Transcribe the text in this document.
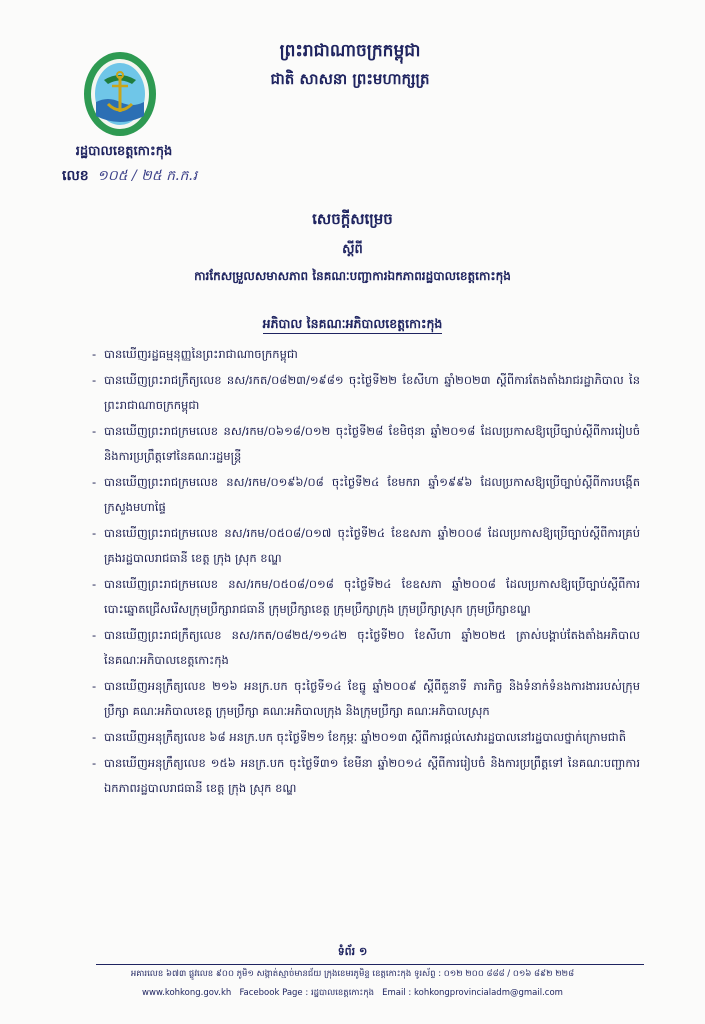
ព្រះរាជាណាចក្រកម្ពុជា
ជាតិ សាសនា ព្រះមហាក្សត្រ
រដ្ឋបាលខេត្តកោះកុង
លេខ ១០៥ / ២៥ ក.ក.រ
សេចក្តីសម្រេច
ស្តីពី
ការកែសម្រួលសមាសភាព នៃគណៈបញ្ជាការឯកភាពរដ្ឋបាលខេត្តកោះកុង
អភិបាល នៃគណៈអភិបាលខេត្តកោះកុង
- បានឃើញរដ្ឋធម្មនុញ្ញនៃព្រះរាជាណាចក្រកម្ពុជា
- បានឃើញព្រះរាជក្រឹត្យលេខ នស/រកត/០៨២៣/១៩៨១ ចុះថ្ងៃទី២២ ខែសីហា ឆ្នាំ២០២៣ ស្តីពីការតែងតាំងរាជរដ្ឋាភិបាល នៃព្រះរាជាណាចក្រកម្ពុជា
- បានឃើញព្រះរាជក្រមលេខ នស/រកម/០៦១៨/០១២ ចុះថ្ងៃទី២៨ ខែមិថុនា ឆ្នាំ២០១៨ ដែលប្រកាសឱ្យប្រើច្បាប់ស្តីពីការរៀបចំ និងការប្រព្រឹត្តទៅនៃគណៈរដ្ឋមន្ត្រី
- បានឃើញព្រះរាជក្រមលេខ នស/រកម/០១៩៦/០៨ ចុះថ្ងៃទី២៤ ខែមករា ឆ្នាំ១៩៩៦ ដែលប្រកាសឱ្យប្រើច្បាប់ស្តីពីការបង្កើតក្រសួងមហាផ្ទៃ
- បានឃើញព្រះរាជក្រមលេខ នស/រកម/០៥០៨/០១៧ ចុះថ្ងៃទី២៤ ខែឧសភា ឆ្នាំ២០០៨ ដែលប្រកាសឱ្យប្រើច្បាប់ស្តីពីការគ្រប់គ្រងរដ្ឋបាលរាជធានី ខេត្ត ក្រុង ស្រុក ខណ្ឌ
- បានឃើញព្រះរាជក្រមលេខ នស/រកម/០៥០៨/០១៨ ចុះថ្ងៃទី២៤ ខែឧសភា ឆ្នាំ២០០៨ ដែលប្រកាសឱ្យប្រើច្បាប់ស្តីពីការបោះឆ្នោតជ្រើសរើសក្រុមប្រឹក្សារាជធានី ក្រុមប្រឹក្សាខេត្ត ក្រុមប្រឹក្សាក្រុង ក្រុមប្រឹក្សាស្រុក ក្រុមប្រឹក្សាខណ្ឌ
- បានឃើញព្រះរាជក្រឹត្យលេខ នស/រកត/០៨២៥/១១៤២ ចុះថ្ងៃទី២០ ខែសីហា ឆ្នាំ២០២៥ ត្រាស់បង្គាប់តែងតាំងអភិបាល នៃគណៈអភិបាលខេត្តកោះកុង
- បានឃើញអនុក្រឹត្យលេខ ២១៦ អនក្រ.បក ចុះថ្ងៃទី១៤ ខែធ្នូ ឆ្នាំ២០០៩ ស្តីពីតួនាទី ភារកិច្ច និងទំនាក់ទំនងការងាររបស់ក្រុមប្រឹក្សា គណៈអភិបាលខេត្ត ក្រុមប្រឹក្សា គណៈអភិបាលក្រុង និងក្រុមប្រឹក្សា គណៈអភិបាលស្រុក
- បានឃើញអនុក្រឹត្យលេខ ៦៨ អនក្រ.បក ចុះថ្ងៃទី២១ ខែកុម្ភៈ ឆ្នាំ២០១៣ ស្តីពីការផ្តល់សេវារដ្ឋបាលនៅរដ្ឋបាលថ្នាក់ក្រោមជាតិ
- បានឃើញអនុក្រឹត្យលេខ ១៥៦ អនក្រ.បក ចុះថ្ងៃទី៣១ ខែមីនា ឆ្នាំ២០១៤ ស្តីពីការរៀបចំ និងការប្រព្រឹត្តទៅ នៃគណៈបញ្ជាការឯកភាពរដ្ឋបាលរាជធានី ខេត្ត ក្រុង ស្រុក ខណ្ឌ
ទំព័រ ១
អគារលេខ ៦៧៣ ផ្លូវលេខ ៩០០ ភូមិ១ សង្កាត់ស្មាច់មានជ័យ ក្រុងខេមរភូមិន្ទ ខេត្តកោះកុង ទូរស័ព្ទ : ០១២ ២០០ ៨៨៨ / ០១៦ ៨៩២ ២២៨
www.kohkong.gov.kh Facebook Page : រដ្ឋបាលខេត្តកោះកុង Email : kohkongprovincialadm@gmail.com
